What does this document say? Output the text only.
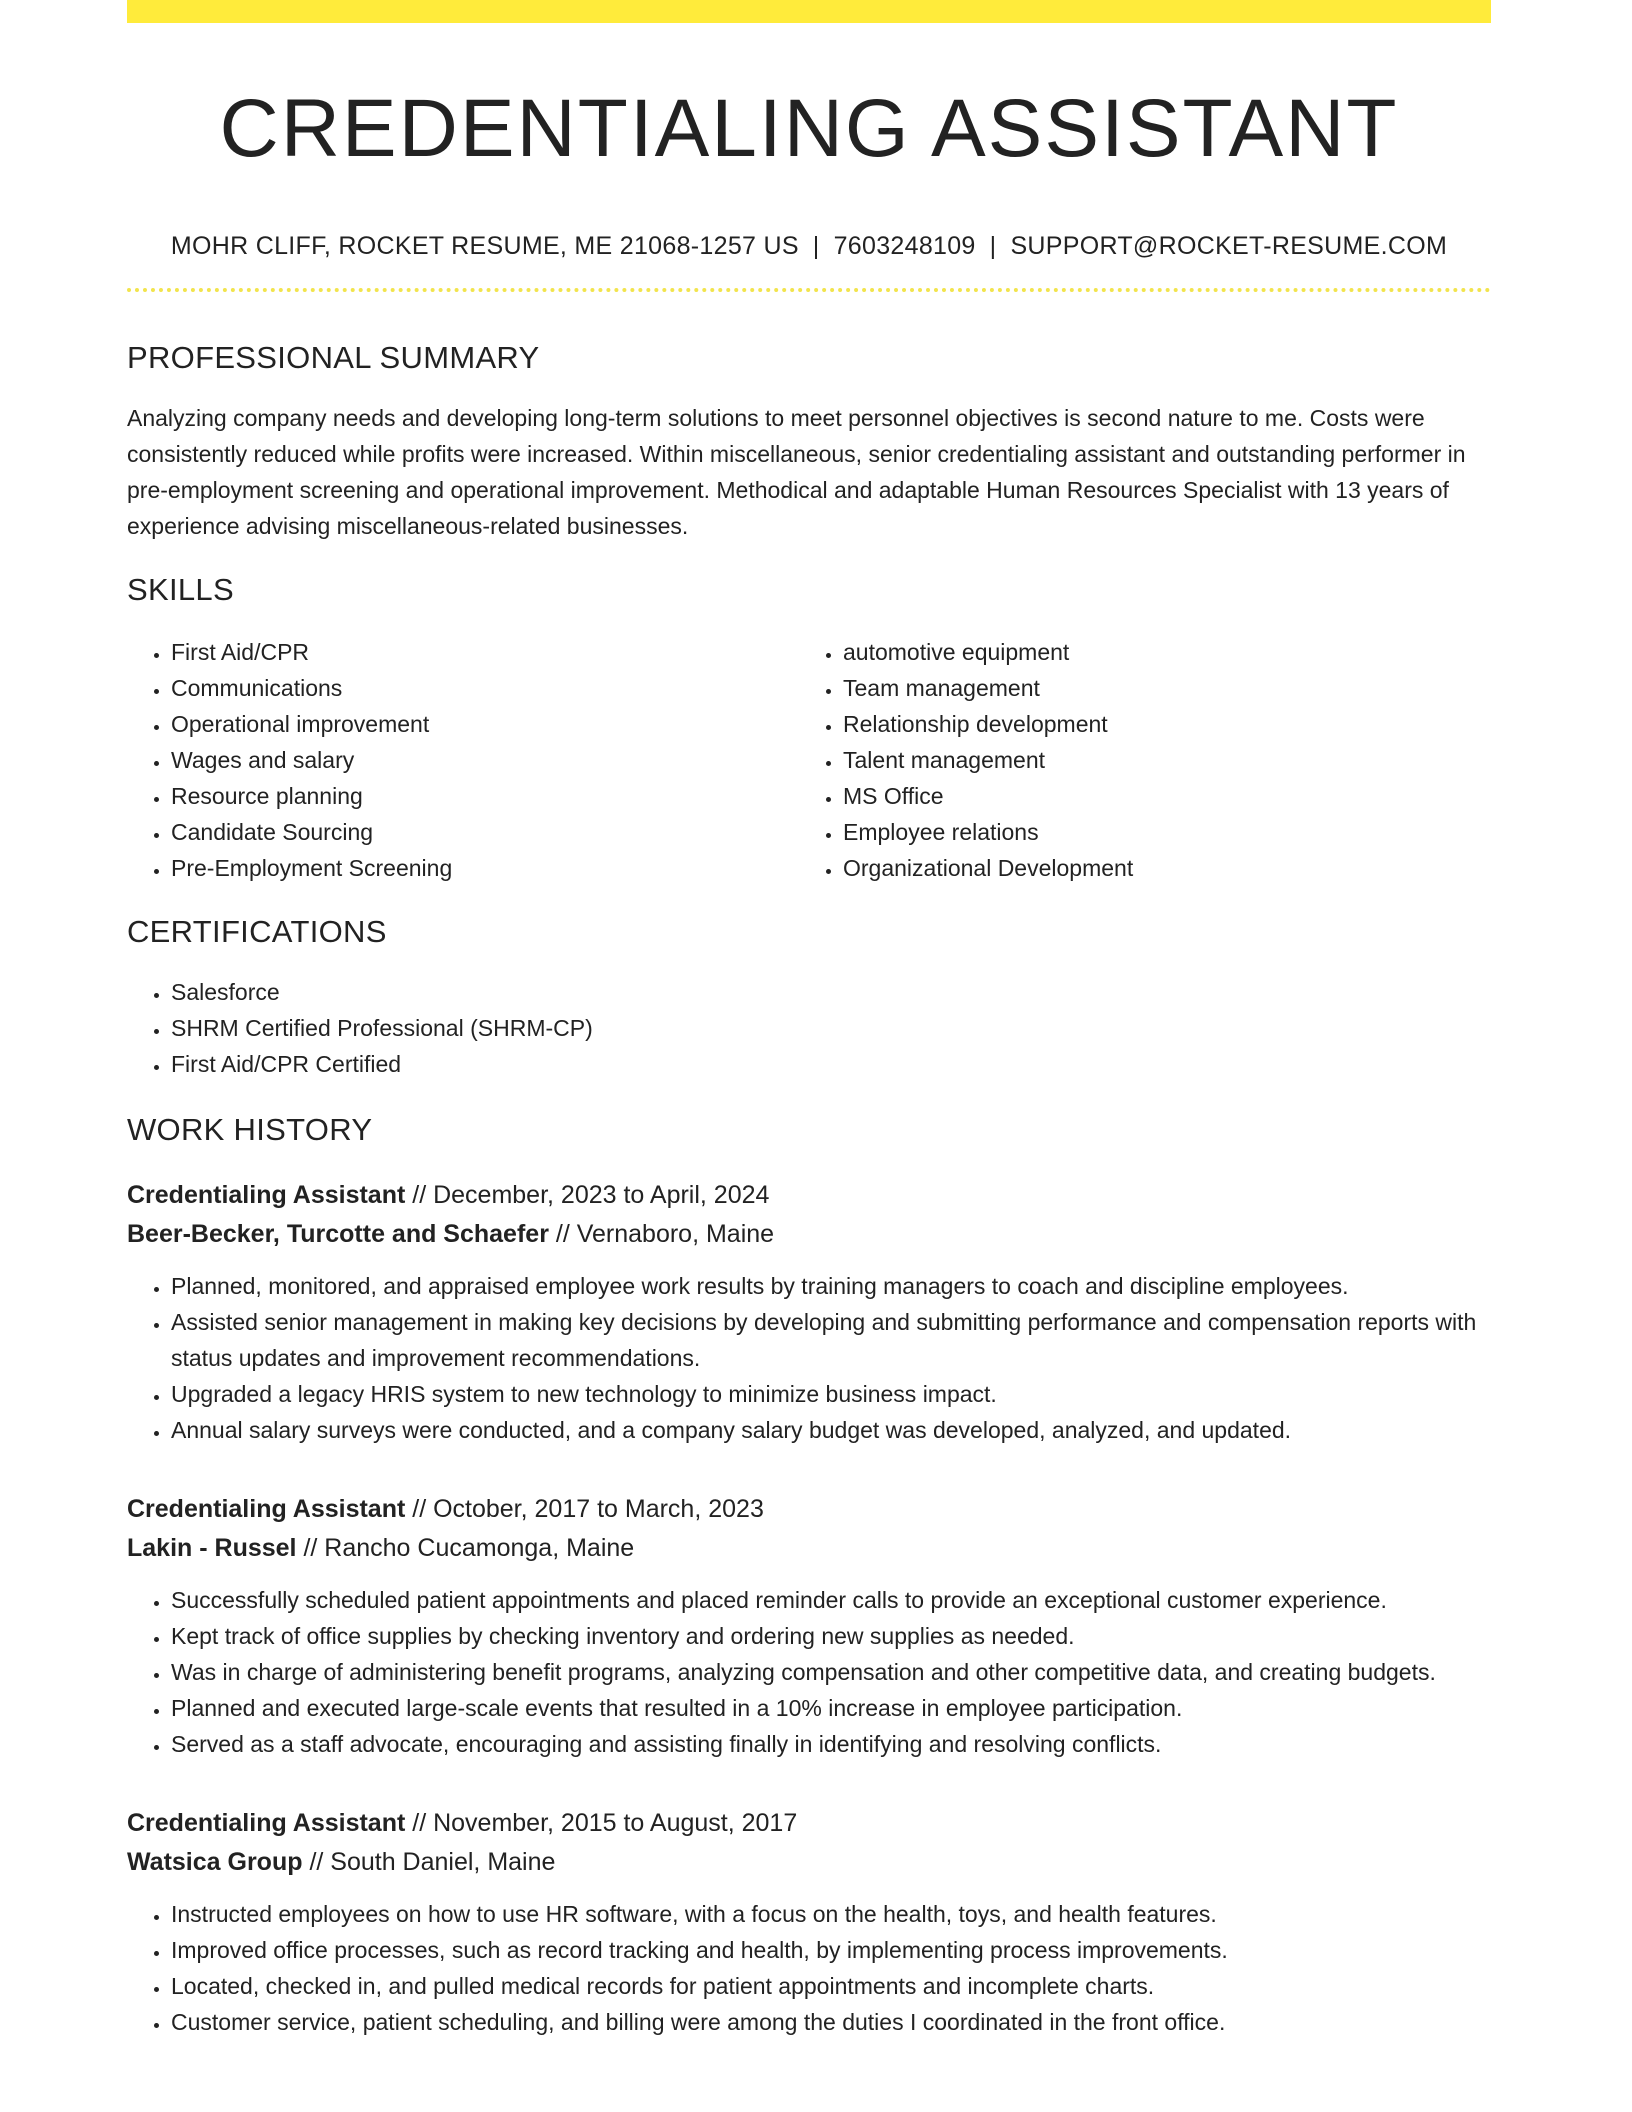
CREDENTIALING ASSISTANT
MOHR CLIFF, ROCKET RESUME, ME 21068-1257 US | 7603248109 | SUPPORT@ROCKET-RESUME.COM
PROFESSIONAL SUMMARY
Analyzing company needs and developing long-term solutions to meet personnel objectives is second nature to me. Costs were consistently reduced while profits were increased. Within miscellaneous, senior credentialing assistant and outstanding performer in pre-employment screening and operational improvement. Methodical and adaptable Human Resources Specialist with 13 years of experience advising miscellaneous-related businesses.
SKILLS
• First Aid/CPR
• Communications
• Operational improvement
• Wages and salary
• Resource planning
• Candidate Sourcing
• Pre-Employment Screening
• automotive equipment
• Team management
• Relationship development
• Talent management
• MS Office
• Employee relations
• Organizational Development
CERTIFICATIONS
• Salesforce
• SHRM Certified Professional (SHRM-CP)
• First Aid/CPR Certified
WORK HISTORY
Credentialing Assistant // December, 2023 to April, 2024
Beer-Becker, Turcotte and Schaefer // Vernaboro, Maine
• Planned, monitored, and appraised employee work results by training managers to coach and discipline employees.
• Assisted senior management in making key decisions by developing and submitting performance and compensation reports with status updates and improvement recommendations.
• Upgraded a legacy HRIS system to new technology to minimize business impact.
• Annual salary surveys were conducted, and a company salary budget was developed, analyzed, and updated.
Credentialing Assistant // October, 2017 to March, 2023
Lakin - Russel // Rancho Cucamonga, Maine
• Successfully scheduled patient appointments and placed reminder calls to provide an exceptional customer experience.
• Kept track of office supplies by checking inventory and ordering new supplies as needed.
• Was in charge of administering benefit programs, analyzing compensation and other competitive data, and creating budgets.
• Planned and executed large-scale events that resulted in a 10% increase in employee participation.
• Served as a staff advocate, encouraging and assisting finally in identifying and resolving conflicts.
Credentialing Assistant // November, 2015 to August, 2017
Watsica Group // South Daniel, Maine
• Instructed employees on how to use HR software, with a focus on the health, toys, and health features.
• Improved office processes, such as record tracking and health, by implementing process improvements.
• Located, checked in, and pulled medical records for patient appointments and incomplete charts.
• Customer service, patient scheduling, and billing were among the duties I coordinated in the front office.
